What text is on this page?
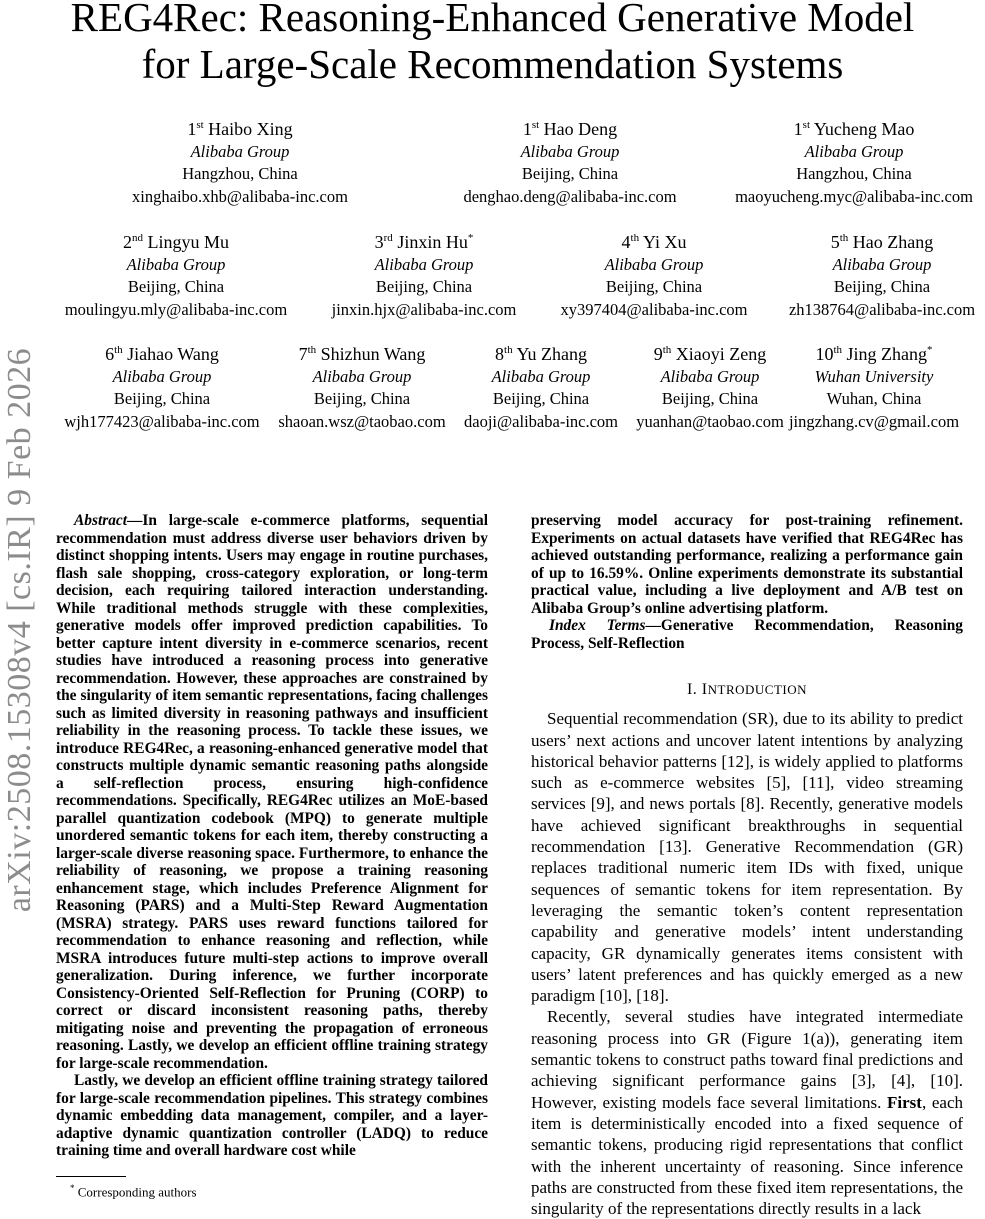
arXiv:2508.15308v4 [cs.IR] 9 Feb 2026
REG4Rec: Reasoning-Enhanced Generative Model
for Large-Scale Recommendation Systems
1st Haibo Xing
Alibaba Group
Hangzhou, China
xinghaibo.xhb@alibaba-inc.com
1st Hao Deng
Alibaba Group
Beijing, China
denghao.deng@alibaba-inc.com
1st Yucheng Mao
Alibaba Group
Hangzhou, China
maoyucheng.myc@alibaba-inc.com
2nd Lingyu Mu
Alibaba Group
Beijing, China
moulingyu.mly@alibaba-inc.com
3rd Jinxin Hu*
Alibaba Group
Beijing, China
jinxin.hjx@alibaba-inc.com
4th Yi Xu
Alibaba Group
Beijing, China
xy397404@alibaba-inc.com
5th Hao Zhang
Alibaba Group
Beijing, China
zh138764@alibaba-inc.com
6th Jiahao Wang
Alibaba Group
Beijing, China
wjh177423@alibaba-inc.com
7th Shizhun Wang
Alibaba Group
Beijing, China
shaoan.wsz@taobao.com
8th Yu Zhang
Alibaba Group
Beijing, China
daoji@alibaba-inc.com
9th Xiaoyi Zeng
Alibaba Group
Beijing, China
yuanhan@taobao.com
10th Jing Zhang*
Wuhan University
Wuhan, China
jingzhang.cv@gmail.com

Abstract—In large-scale e-commerce platforms, sequential recommendation must address diverse user behaviors driven by distinct shopping intents. Users may engage in routine purchases, flash sale shopping, cross-category exploration, or long-term decision, each requiring tailored interaction understanding. While traditional methods struggle with these complexities, generative models offer improved prediction capabilities. To better capture intent diversity in e-commerce scenarios, recent studies have introduced a reasoning process into generative recommendation. However, these approaches are constrained by the singularity of item semantic representations, facing challenges such as limited diversity in reasoning pathways and insufficient reliability in the reasoning process. To tackle these issues, we introduce REG4Rec, a reasoning-enhanced generative model that constructs multiple dynamic semantic reasoning paths alongside a self-reflection process, ensuring high-confidence recommendations. Specifically, REG4Rec utilizes an MoE-based parallel quantization codebook (MPQ) to generate multiple unordered semantic tokens for each item, thereby constructing a larger-scale diverse reasoning space. Furthermore, to enhance the reliability of reasoning, we propose a training reasoning enhancement stage, which includes Preference Alignment for Reasoning (PARS) and a Multi-Step Reward Augmentation (MSRA) strategy. PARS uses reward functions tailored for recommendation to enhance reasoning and reflection, while MSRA introduces future multi-step actions to improve overall generalization. During inference, we further incorporate Consistency-Oriented Self-Reflection for Pruning (CORP) to correct or discard inconsistent reasoning paths, thereby mitigating noise and preventing the propagation of erroneous reasoning. Lastly, we develop an efficient offline training strategy for large-scale recommendation.

Lastly, we develop an efficient offline training strategy tailored for large-scale recommendation pipelines. This strategy combines dynamic embedding data management, compiler, and a layer-adaptive dynamic quantization controller (LADQ) to reduce training time and overall hardware cost while

preserving model accuracy for post-training refinement. Experiments on actual datasets have verified that REG4Rec has achieved outstanding performance, realizing a performance gain of up to 16.59%. Online experiments demonstrate its substantial practical value, including a live deployment and A/B test on Alibaba Group’s online advertising platform.

Index Terms—Generative Recommendation, Reasoning Process, Self-Reflection

I. INTRODUCTION

Sequential recommendation (SR), due to its ability to predict users’ next actions and uncover latent intentions by analyzing historical behavior patterns [12], is widely applied to platforms such as e-commerce websites [5], [11], video streaming services [9], and news portals [8]. Recently, generative models have achieved significant breakthroughs in sequential recommendation [13]. Generative Recommendation (GR) replaces traditional numeric item IDs with fixed, unique sequences of semantic tokens for item representation. By leveraging the semantic token’s content representation capability and generative models’ intent understanding capacity, GR dynamically generates items consistent with users’ latent preferences and has quickly emerged as a new paradigm [10], [18].

Recently, several studies have integrated intermediate reasoning process into GR (Figure 1(a)), generating item semantic tokens to construct paths toward final predictions and achieving significant performance gains [3], [4], [10]. However, existing models face several limitations. First, each item is deterministically encoded into a fixed sequence of semantic tokens, producing rigid representations that conflict with the inherent uncertainty of reasoning. Since inference paths are constructed from these fixed item representations, the singularity of the representations directly results in a lack

* Corresponding authors
